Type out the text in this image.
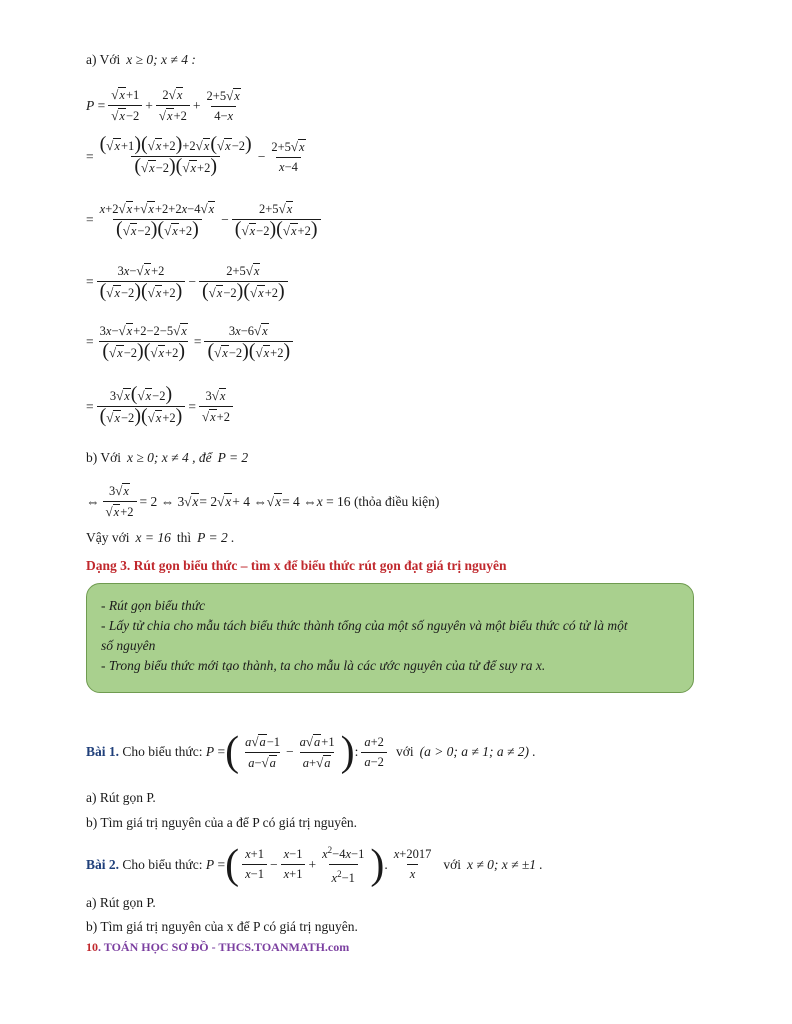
a) Với x ≥ 0; x ≠ 4 :
$P = \frac{√x+1}{√x-2} + \frac{2√x}{√x+2} + \frac{2+5√x}{4-x}$
= $\frac{(√x+1)(√x+2)+2√x(√x-2)}{(√x-2)(√x+2)} - \frac{2+5√x}{x-4}$
= $\frac{x+2√x+√x+2+2x-4√x}{(√x-2)(√x+2)} - \frac{2+5√x}{(√x-2)(√x+2)}$
= $\frac{3x-√x+2}{(√x-2)(√x+2)} - \frac{2+5√x}{(√x-2)(√x+2)}$
= $\frac{3x-√x+2-2-5√x}{(√x-2)(√x+2)} = \frac{3x-6√x}{(√x-2)(√x+2)}$
= $\frac{3√x(√x-2)}{(√x-2)(√x+2)} = \frac{3√x}{√x+2}$
b) Với x ≥ 0; x ≠ 4 , để P = 2
⇔ $\frac{3√x}{√x+2} = 2$ ⇔ 3 √x = 2 √x + 4 ⇔ √x = 4 ⇔ x = 16 (thỏa điều kiện)
Vậy với x = 16 thì P = 2 .
Dạng 3. Rút gọn biểu thức – tìm x để biểu thức rút gọn đạt giá trị nguyên
- Rút gọn biểu thức
- Lấy tử chia cho mẫu tách biểu thức thành tổng của một số nguyên và một biểu thức có tử là một
số nguyên
- Trong biểu thức mới tạo thành, ta cho mẫu là các ước nguyên của tử để suy ra x.
Bài 1.
Cho biểu thức:
P = ( $\frac{a√a-1}{a-√a} - \frac{a√a+1}{a+√a}$ ) : $\frac{a+2}{a-2}$ với (a > 0; a ≠ 1; a ≠ 2) .
a) Rút gọn P.
b) Tìm giá trị nguyên của a để P có giá trị nguyên.
Bài 2.
Cho biểu thức:
P = ( $\frac{x+1}{x-1} - \frac{x-1}{x+1} + \frac{x^2-4x-1}{x^2-1}$ ) . $\frac{x+2017}{x}$ với x ≠ 0; x ≠ ±1 .
a) Rút gọn P.
b) Tìm giá trị nguyên của x để P có giá trị nguyên.
10. TOÁN HỌC SƠ ĐỒ - THCS.TOANMATH.com
